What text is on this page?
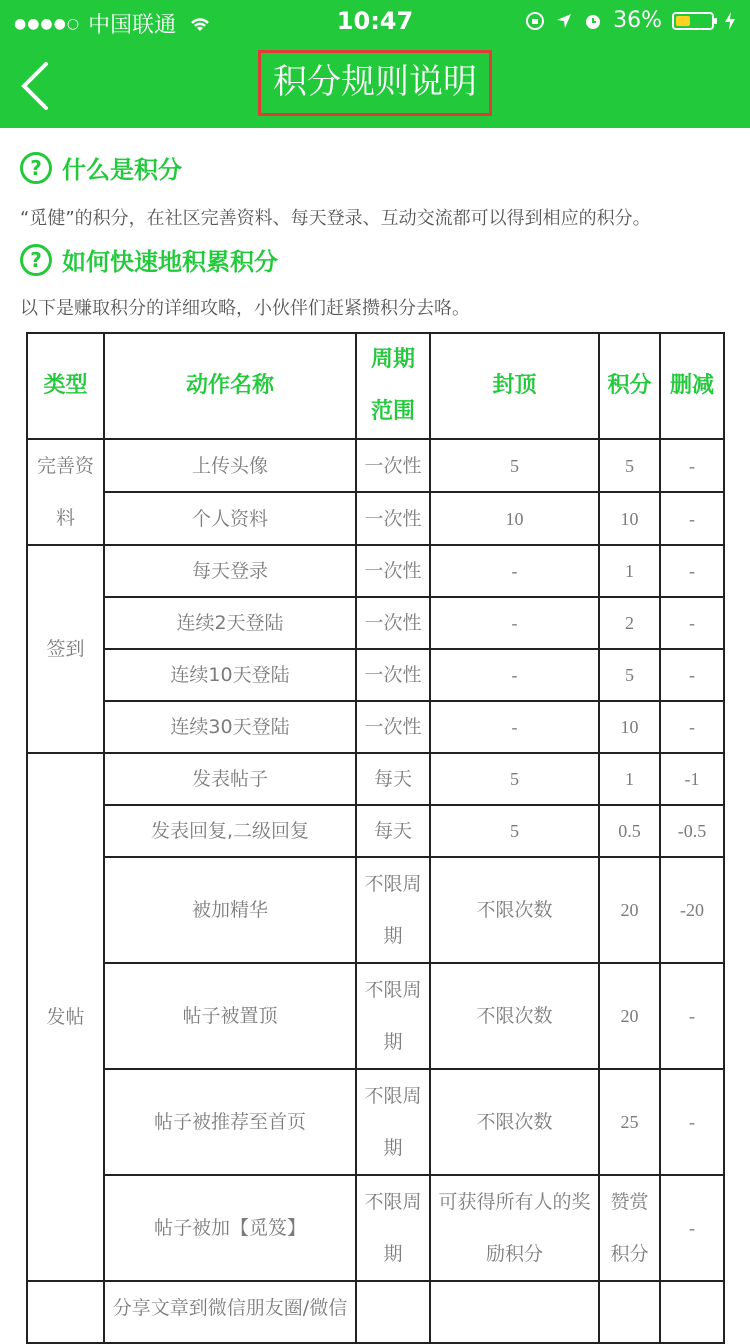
●●●●○ 中国联通	10:47	36%
积分规则说明
? 什么是积分
“觅健”的积分，在社区完善资料、每天登录、互动交流都可以得到相应的积分。
? 如何快速地积累积分
以下是赚取积分的详细攻略，小伙伴们赶紧攒积分去咯。
类型	动作名称	周期范围	封顶	积分	删减
完善资料	上传头像	一次性	5	5	-
	个人资料	一次性	10	10	-
签到	每天登录	一次性	-	1	-
	连续2天登陆	一次性	-	2	-
	连续10天登陆	一次性	-	5	-
	连续30天登陆	一次性	-	10	-
发帖	发表帖子	每天	5	1	-1
	发表回复,二级回复	每天	5	0.5	-0.5
	被加精华	不限周期	不限次数	20	-20
	帖子被置顶	不限周期	不限次数	20	-
	帖子被推荐至首页	不限周期	不限次数	25	-
	帖子被加【觅笈】	不限周期	可获得所有人的奖励积分	赞赏积分	-
	分享文章到微信朋友圈/微信				
